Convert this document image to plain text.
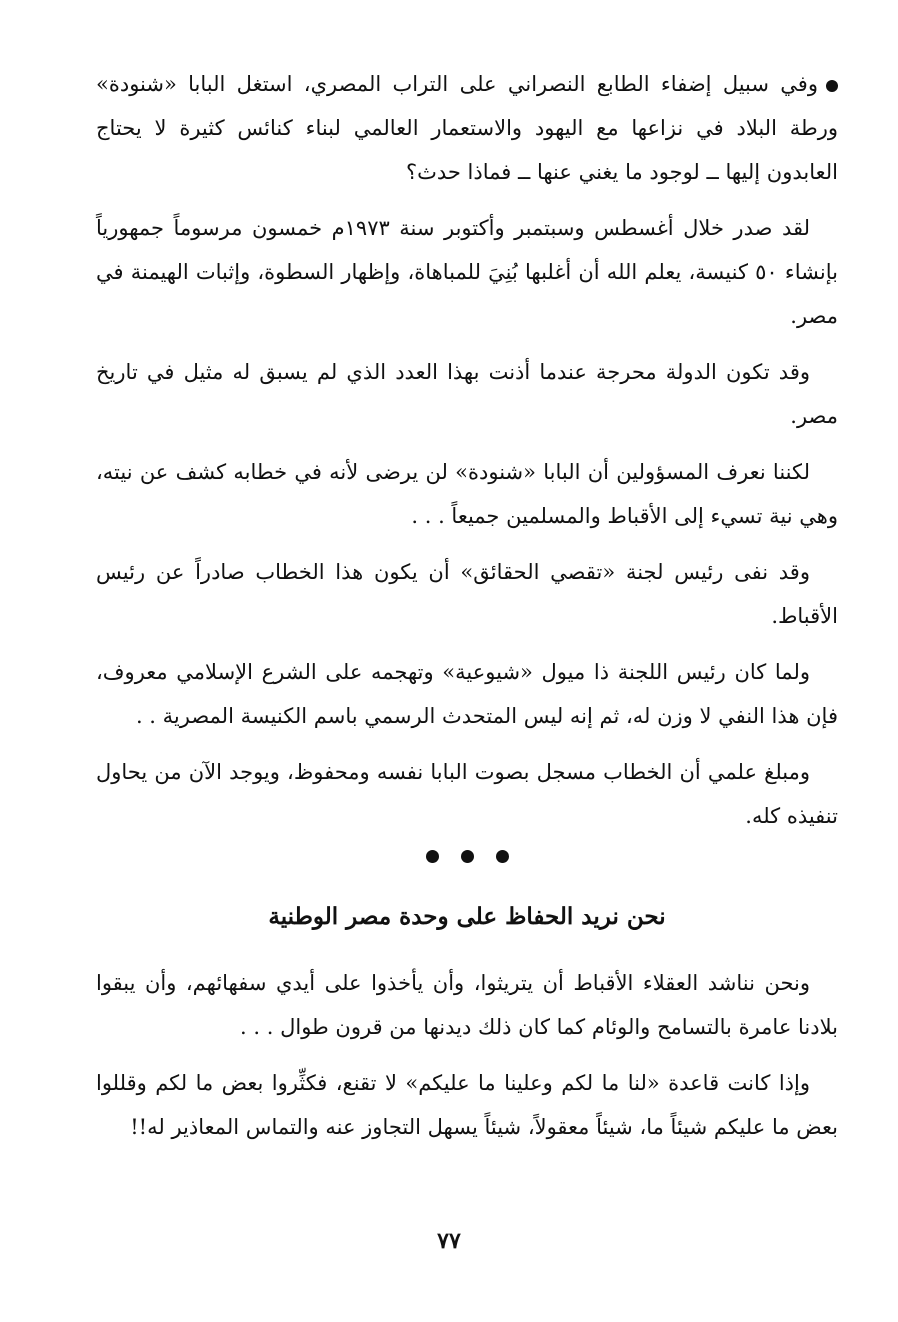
وفي سبيل إضفاء الطابع النصراني على التراب المصري، استغل البابا «شنودة» ورطة البلاد في نزاعها مع اليهود والاستعمار العالمي لبناء كنائس كثيرة لا يحتاج العابدون إليها ــ لوجود ما يغني عنها ــ فماذا حدث؟

لقد صدر خلال أغسطس وسبتمبر وأكتوبر سنة ١٩٧٣م خمسون مرسوماً جمهورياً بإنشاء ٥٠ كنيسة، يعلم الله أن أغلبها بُنِيَ للمباهاة، وإظهار السطوة، وإثبات الهيمنة في مصر.

وقد تكون الدولة محرجة عندما أذنت بهذا العدد الذي لم يسبق له مثيل في تاريخ مصر.

لكننا نعرف المسؤولين أن البابا «شنودة» لن يرضى لأنه في خطابه كشف عن نيته، وهي نية تسيء إلى الأقباط والمسلمين جميعاً . . .

وقد نفى رئيس لجنة «تقصي الحقائق» أن يكون هذا الخطاب صادراً عن رئيس الأقباط.

ولما كان رئيس اللجنة ذا ميول «شيوعية» وتهجمه على الشرع الإسلامي معروف، فإن هذا النفي لا وزن له، ثم إنه ليس المتحدث الرسمي باسم الكنيسة المصرية . .

ومبلغ علمي أن الخطاب مسجل بصوت البابا نفسه ومحفوظ، ويوجد الآن من يحاول تنفيذه كله.

نحن نريد الحفاظ على وحدة مصر الوطنية

ونحن نناشد العقلاء الأقباط أن يتريثوا، وأن يأخذوا على أيدي سفهائهم، وأن يبقوا بلادنا عامرة بالتسامح والوئام كما كان ذلك ديدنها من قرون طوال . . .

وإذا كانت قاعدة «لنا ما لكم وعلينا ما عليكم» لا تقنع، فكثِّروا بعض ما لكم وقللوا بعض ما عليكم شيئاً ما، شيئاً معقولاً، شيئاً يسهل التجاوز عنه والتماس المعاذير له!!

٧٧
